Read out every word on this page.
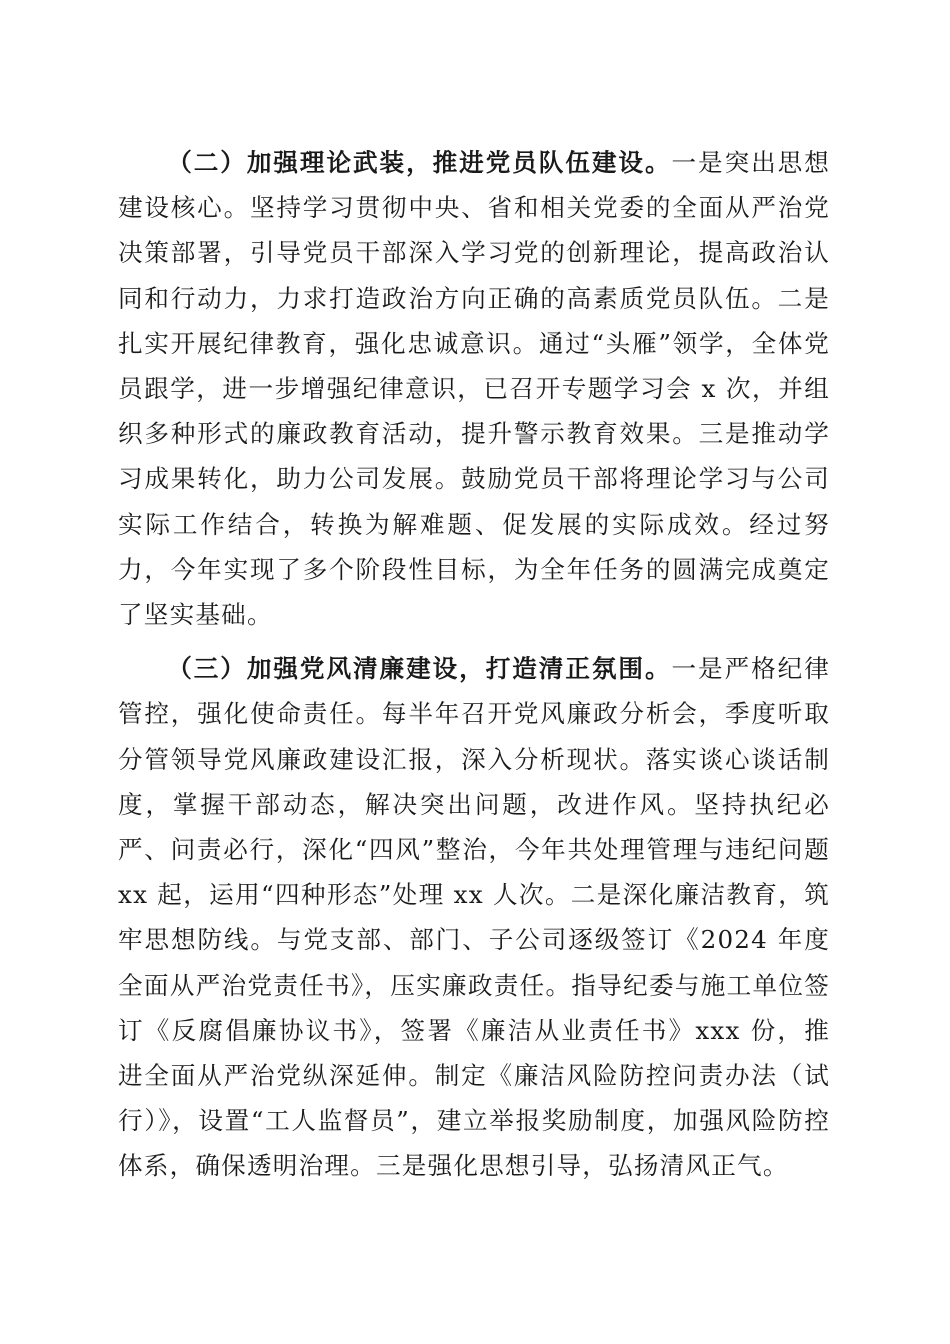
（二）加强理论武装，推进党员队伍建设。一是突出思想建设核心。坚持学习贯彻中央、省和相关党委的全面从严治党决策部署，引导党员干部深入学习党的创新理论，提高政治认同和行动力，力求打造政治方向正确的高素质党员队伍。二是扎实开展纪律教育，强化忠诚意识。通过“头雁”领学，全体党员跟学，进一步增强纪律意识，已召开专题学习会 x 次，并组织多种形式的廉政教育活动，提升警示教育效果。三是推动学习成果转化，助力公司发展。鼓励党员干部将理论学习与公司实际工作结合，转换为解难题、促发展的实际成效。经过努力，今年实现了多个阶段性目标，为全年任务的圆满完成奠定了坚实基础。

（三）加强党风清廉建设，打造清正氛围。一是严格纪律管控，强化使命责任。每半年召开党风廉政分析会，季度听取分管领导党风廉政建设汇报，深入分析现状。落实谈心谈话制度，掌握干部动态，解决突出问题，改进作风。坚持执纪必严、问责必行，深化“四风”整治，今年共处理管理与违纪问题 xx 起，运用“四种形态”处理 xx 人次。二是深化廉洁教育，筑牢思想防线。与党支部、部门、子公司逐级签订《2024 年度全面从严治党责任书》，压实廉政责任。指导纪委与施工单位签订《反腐倡廉协议书》，签署《廉洁从业责任书》xxx 份，推进全面从严治党纵深延伸。制定《廉洁风险防控问责办法（试行）》，设置“工人监督员”，建立举报奖励制度，加强风险防控体系，确保透明治理。三是强化思想引导，弘扬清风正气。
